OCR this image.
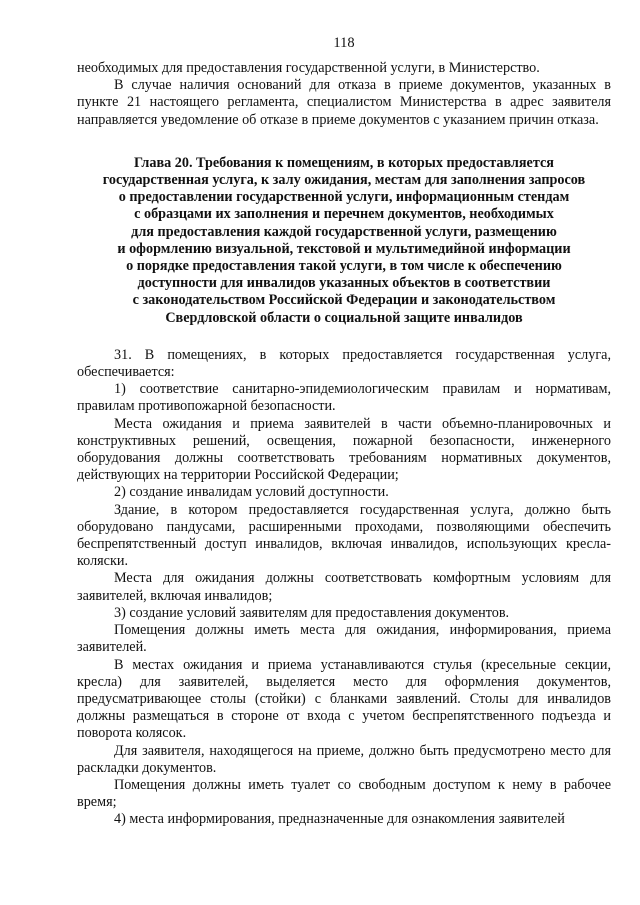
118

необходимых для предоставления государственной услуги, в Министерство.

В случае наличия оснований для отказа в приеме документов, указанных в пункте 21 настоящего регламента, специалистом Министерства в адрес заявителя направляется уведомление об отказе в приеме документов с указанием причин отказа.

Глава 20. Требования к помещениям, в которых предоставляется
государственная услуга, к залу ожидания, местам для заполнения запросов
о предоставлении государственной услуги, информационным стендам
с образцами их заполнения и перечнем документов, необходимых
для предоставления каждой государственной услуги, размещению
и оформлению визуальной, текстовой и мультимедийной информации
о порядке предоставления такой услуги, в том числе к обеспечению
доступности для инвалидов указанных объектов в соответствии
с законодательством Российской Федерации и законодательством
Свердловской области о социальной защите инвалидов

31. В помещениях, в которых предоставляется государственная услуга, обеспечивается:

1) соответствие санитарно-эпидемиологическим правилам и нормативам, правилам противопожарной безопасности.

Места ожидания и приема заявителей в части объемно-планировочных и конструктивных решений, освещения, пожарной безопасности, инженерного оборудования должны соответствовать требованиям нормативных документов, действующих на территории Российской Федерации;

2) создание инвалидам условий доступности.

Здание, в котором предоставляется государственная услуга, должно быть оборудовано пандусами, расширенными проходами, позволяющими обеспечить беспрепятственный доступ инвалидов, включая инвалидов, использующих кресла-коляски.

Места для ожидания должны соответствовать комфортным условиям для заявителей, включая инвалидов;

3) создание условий заявителям для предоставления документов.

Помещения должны иметь места для ожидания, информирования, приема заявителей.

В местах ожидания и приема устанавливаются стулья (кресельные секции, кресла) для заявителей, выделяется место для оформления документов, предусматривающее столы (стойки) с бланками заявлений. Столы для инвалидов должны размещаться в стороне от входа с учетом беспрепятственного подъезда и поворота колясок.

Для заявителя, находящегося на приеме, должно быть предусмотрено место для раскладки документов.

Помещения должны иметь туалет со свободным доступом к нему в рабочее время;

4) места информирования, предназначенные для ознакомления заявителей
